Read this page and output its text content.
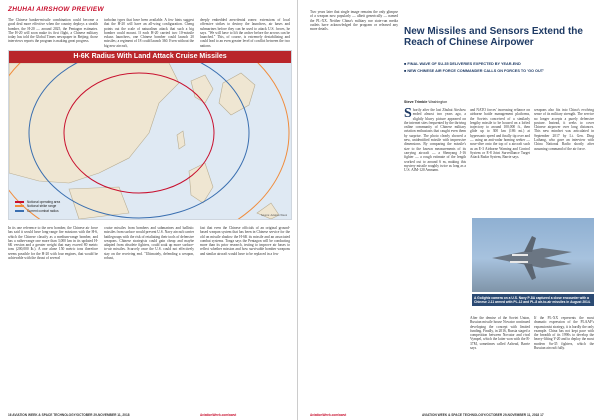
ZHUHAI AIRSHOW PREVIEW
The Chinese banker-missile combination could become a good deal more effective when the country deploys a stealth bomber, the H-20 — around 2025, the Pentagon estimates. The H-20 will soon make its first flight, a Chinese military today has told the Global Times newspaper in Beijing; those interviews reports the program is making great progress.
turbofan types that have been available. A few hints suggest that the H-20 will have an all-wing configuration. Cheng points out the scale of naturalism attack that such a big bomber could mount. If each H-20 carried two 10-missile eskuss launchers, one Chinese bomber could launch 20 missiles; a regiment of 18 could launch 360. Even without the big new aircraft,
deeply embedded area-denial zones: extensions of local offensive strikes to destroy the launchers, air bases and submarines before they can be used to attack U.S. forces, he says. "We will have to lift the archer before the arrows can be launched." This, of course, is extremely destabilizing and could lead to an even greater level of conflict between the two nations.
H-6K Radius With Land Attack Cruise Missiles
Notional operating area
Notional strike range
Current combat radius
Source: Aviation Week
In its one reference to the new bomber, the Chinese air force has said it would have long-range fire missions with the H-6, which the Chinese classify as a medium-range bomber, and has a rather-range one more than 3,000 km in its updated H-6K version and a greater weight that may exceed 80 metric tons (200,000 lb.). A one alone 150 metric tons therefore seems possible for the H-20 with four engines, that would be achievable with the thrust of several
cruise missiles from bombers and submarines and ballistic missiles from surface would prevent U.S. Navy aircraft carrier battlegroups with the risk of retaliating their tools of defensive weapons. Chinese strategists could gain cheap and maybe adapted from obsolete fighters, could soak up more surface-to-air missiles. Scarcely once the U.S. could not effectively stay on the receiving end. "Ultimately, defending a weapon, robust,
fast that even the Chinese officials of an original ground-based weapon system that has been in Chinese service for the old on missile shadow the H-6K its missile and an associated combat systems. Tonga says the Pentagon will be conducting more than its prior research, testing to improve air bases to reflect whether mission and how survivable bomber weapons and similar aircraft would have to be replaced in a few
16 AVIATION WEEK & SPACE TECHNOLOGY/OCTOBER 29-NOVEMBER 11, 2018	AviationWeek.com/awst
New Missiles and Sensors Extend the Reach of Chinese Airpower
■ FINAL WAVE OF SU-35 DELIVERIES EXPECTED BY YEAR-END
■ NEW CHINESE AIR FORCE COMMANDER CALLS ON FORCES TO 'GO OUT'
Steve Trimble Washington
Shortly after the last Zhuhai Airshow ended almost two years ago, a slightly blurry picture appeared on the internet sites frequented by the thriving online community of Chinese military aviation enthusiasts that caught even them by surprise. The photo clearly showed a new, unidentified missile with impressive dimensions. By comparing the missile's size to the known measurements of its carrying aircraft — a Shenyang J-16 fighter — a rough estimate of the length worked out to around 6 m, making this mystery missile roughly twice as long as a U.S. AIM-120 Amraam.
and NATO forces' increasing reliance on airborne battle management platforms, the Soviets conceived of a similarly lengthy missile to be housed on a lofted trajectory to around 100,000 ft., then glide up to 300 km (186 mi.) at hypersonic speed and finally tip over and — using an anti-radar homing seeker — nose-dive onto the top of a aircraft such as an E-3 Airborne Warning and Control System or E-8 Joint Surveillance Target Attack Radar System, Barrie says.
weapons also fits into China's evolving sense of its military strength. The service no longer accepts a purely defensive posture. Instead, it seeks to cover Chinese airpower over long distances. This new mindset was articulated in September 2017 by Lt. Gen. Ding Laihang, who gave an interview with China National Radio shortly after assuming command of the air force.
Two years later that single image remains the only glimpse of a weapon now popularly — albeit generically — named the PL-XX. Neither China's military nor state-run media outlets have acknowledged the program or released any more details.
A Golightz camera on a U.S. Navy P-8A captured a close encounter with a Chinese J-11 armed with PL-12 and PL-8 air-to-air missiles in August 2014.
After the demise of the Soviet Union, Russian missile house Novator continued developing the concept with limited funding. Finally, in 2016, Russia staged a competition between Novator and rival Vympel, which the latter won with the R-37M, sometimes called Axhead, Barrie says.
If the PL-XX represents the most dramatic expression of the PLAAF's expansionist strategy, it is hardly the only example. China has not kept pace with the breadth of its 1990s to develop the heavy-lifting Y-20 and to deploy the most modern Su-35 fighters, which the Russian aircraft fully.
AviationWeek.com/awst	AVIATION WEEK & SPACE TECHNOLOGY/OCTOBER 29-NOVEMBER 11, 2018 17
